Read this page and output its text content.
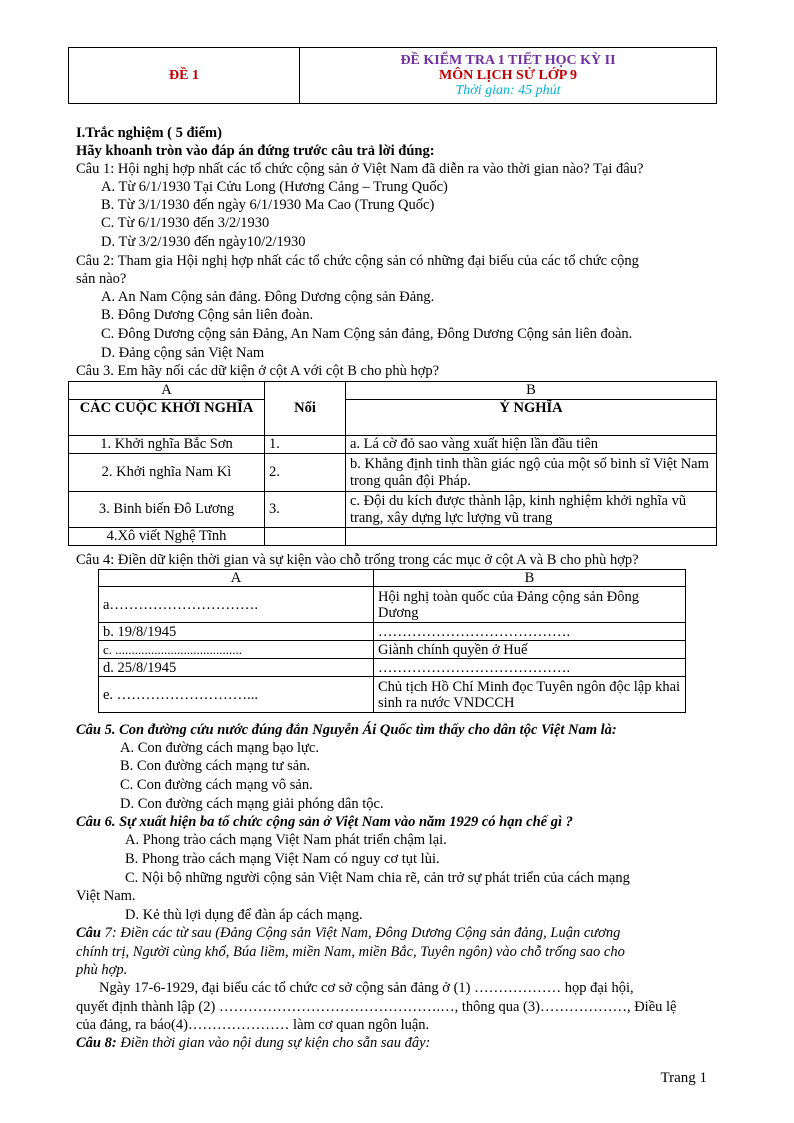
ĐỀ 1	
ĐỀ KIỂM TRA 1 TIẾT HỌC KỲ II
MÔN LỊCH SỬ LỚP 9
Thời gian: 45 phút
I.Trắc nghiệm ( 5 điểm)
Hãy khoanh tròn vào đáp án đứng trước câu trả lời đúng:
Câu 1: Hội nghị hợp nhất các tổ chức cộng sản ở Việt Nam đã diễn ra vào thời gian nào? Tại đâu?
A. Từ 6/1/1930 Tại Cửu Long (Hương Cảng – Trung Quốc)
B. Từ 3/1/1930 đến ngày 6/1/1930 Ma Cao (Trung Quốc)
C. Từ 6/1/1930 đến 3/2/1930
D. Từ 3/2/1930 đến ngày10/2/1930
Câu 2: Tham gia Hội nghị hợp nhất các tổ chức cộng sản có những đại biểu của các tổ chức cộng
sản nào?
A. An Nam Cộng sản đảng. Đông Dương cộng sản Đảng.
B. Đông Dương Cộng sản liên đoàn.
C. Đông Dương cộng sản Đảng, An Nam Cộng sản đảng, Đông Dương Cộng sản liên đoàn.
D. Đảng cộng sản Việt Nam
Câu 3. Em hãy nối các dữ kiện ở cột A với cột B cho phù hợp?
A	Nối	B
CÁC CUỘC KHỞI NGHĨA		Ý NGHĨA
1. Khởi nghĩa Bắc Sơn	1.	a. Lá cờ đỏ sao vàng xuất hiện lần đầu tiên
2. Khởi nghĩa Nam Kì	2.	b. Khẳng định tinh thần giác ngộ của một số binh sĩ Việt Nam trong quân đội Pháp.
3. Binh biến Đô Lương	3.	c. Đội du kích được thành lập, kinh nghiệm khởi nghĩa vũ trang, xây dựng lực lượng vũ trang
4.Xô viết Nghệ Tĩnh		
Câu 4: Điền dữ kiện thời gian và sự kiện vào chỗ trống trong các mục ở cột A và B cho phù hợp?
A	B
a………………………….	Hội nghị toàn quốc của Đảng cộng sản Đông Dương
b. 19/8/1945	………………………………….
c. .......................................	Giành chính quyền ở Huế
d. 25/8/1945	………………………………….
e. ………………………...	Chủ tịch Hồ Chí Minh đọc Tuyên ngôn độc lập khai sinh ra nước VNDCCH
Câu 5. Con đường cứu nước đúng đắn Nguyễn Ái Quốc tìm thấy cho dân tộc Việt Nam là:
A. Con đường cách mạng bạo lực.
B. Con đường cách mạng tư sản.
C. Con đường cách mạng vô sản.
D. Con đường cách mạng giải phóng dân tộc.
Câu 6. Sự xuất hiện ba tổ chức cộng sản ở Việt Nam vào năm 1929 có hạn chế gì ?
A. Phong trào cách mạng Việt Nam phát triển chậm lại.
B. Phong trào cách mạng Việt Nam có nguy cơ tụt lùi.
C. Nội bộ những người cộng sản Việt Nam chia rẽ, cản trở sự phát triển của cách mạng
Việt Nam.
D. Kẻ thù lợi dụng để đàn áp cách mạng.
Câu 7: Điền các từ sau (Đảng Cộng sản Việt Nam, Đông Dương Cộng sản đảng, Luận cương
chính trị, Người cùng khổ, Búa liềm, miền Nam, miền Bắc, Tuyên ngôn) vào chỗ trống sao cho
phù hợp.
Ngày 17-6-1929, đại biểu các tổ chức cơ sở cộng sản đảng ở (1) ……………… họp đại hội,
quyết định thành lập (2) ……………………………………….…, thông qua (3)………………, Điều lệ
của đảng, ra báo(4)………………… làm cơ quan ngôn luận.
Câu 8: Điền thời gian vào nội dung sự kiện cho sẵn sau đây:
Trang 1
